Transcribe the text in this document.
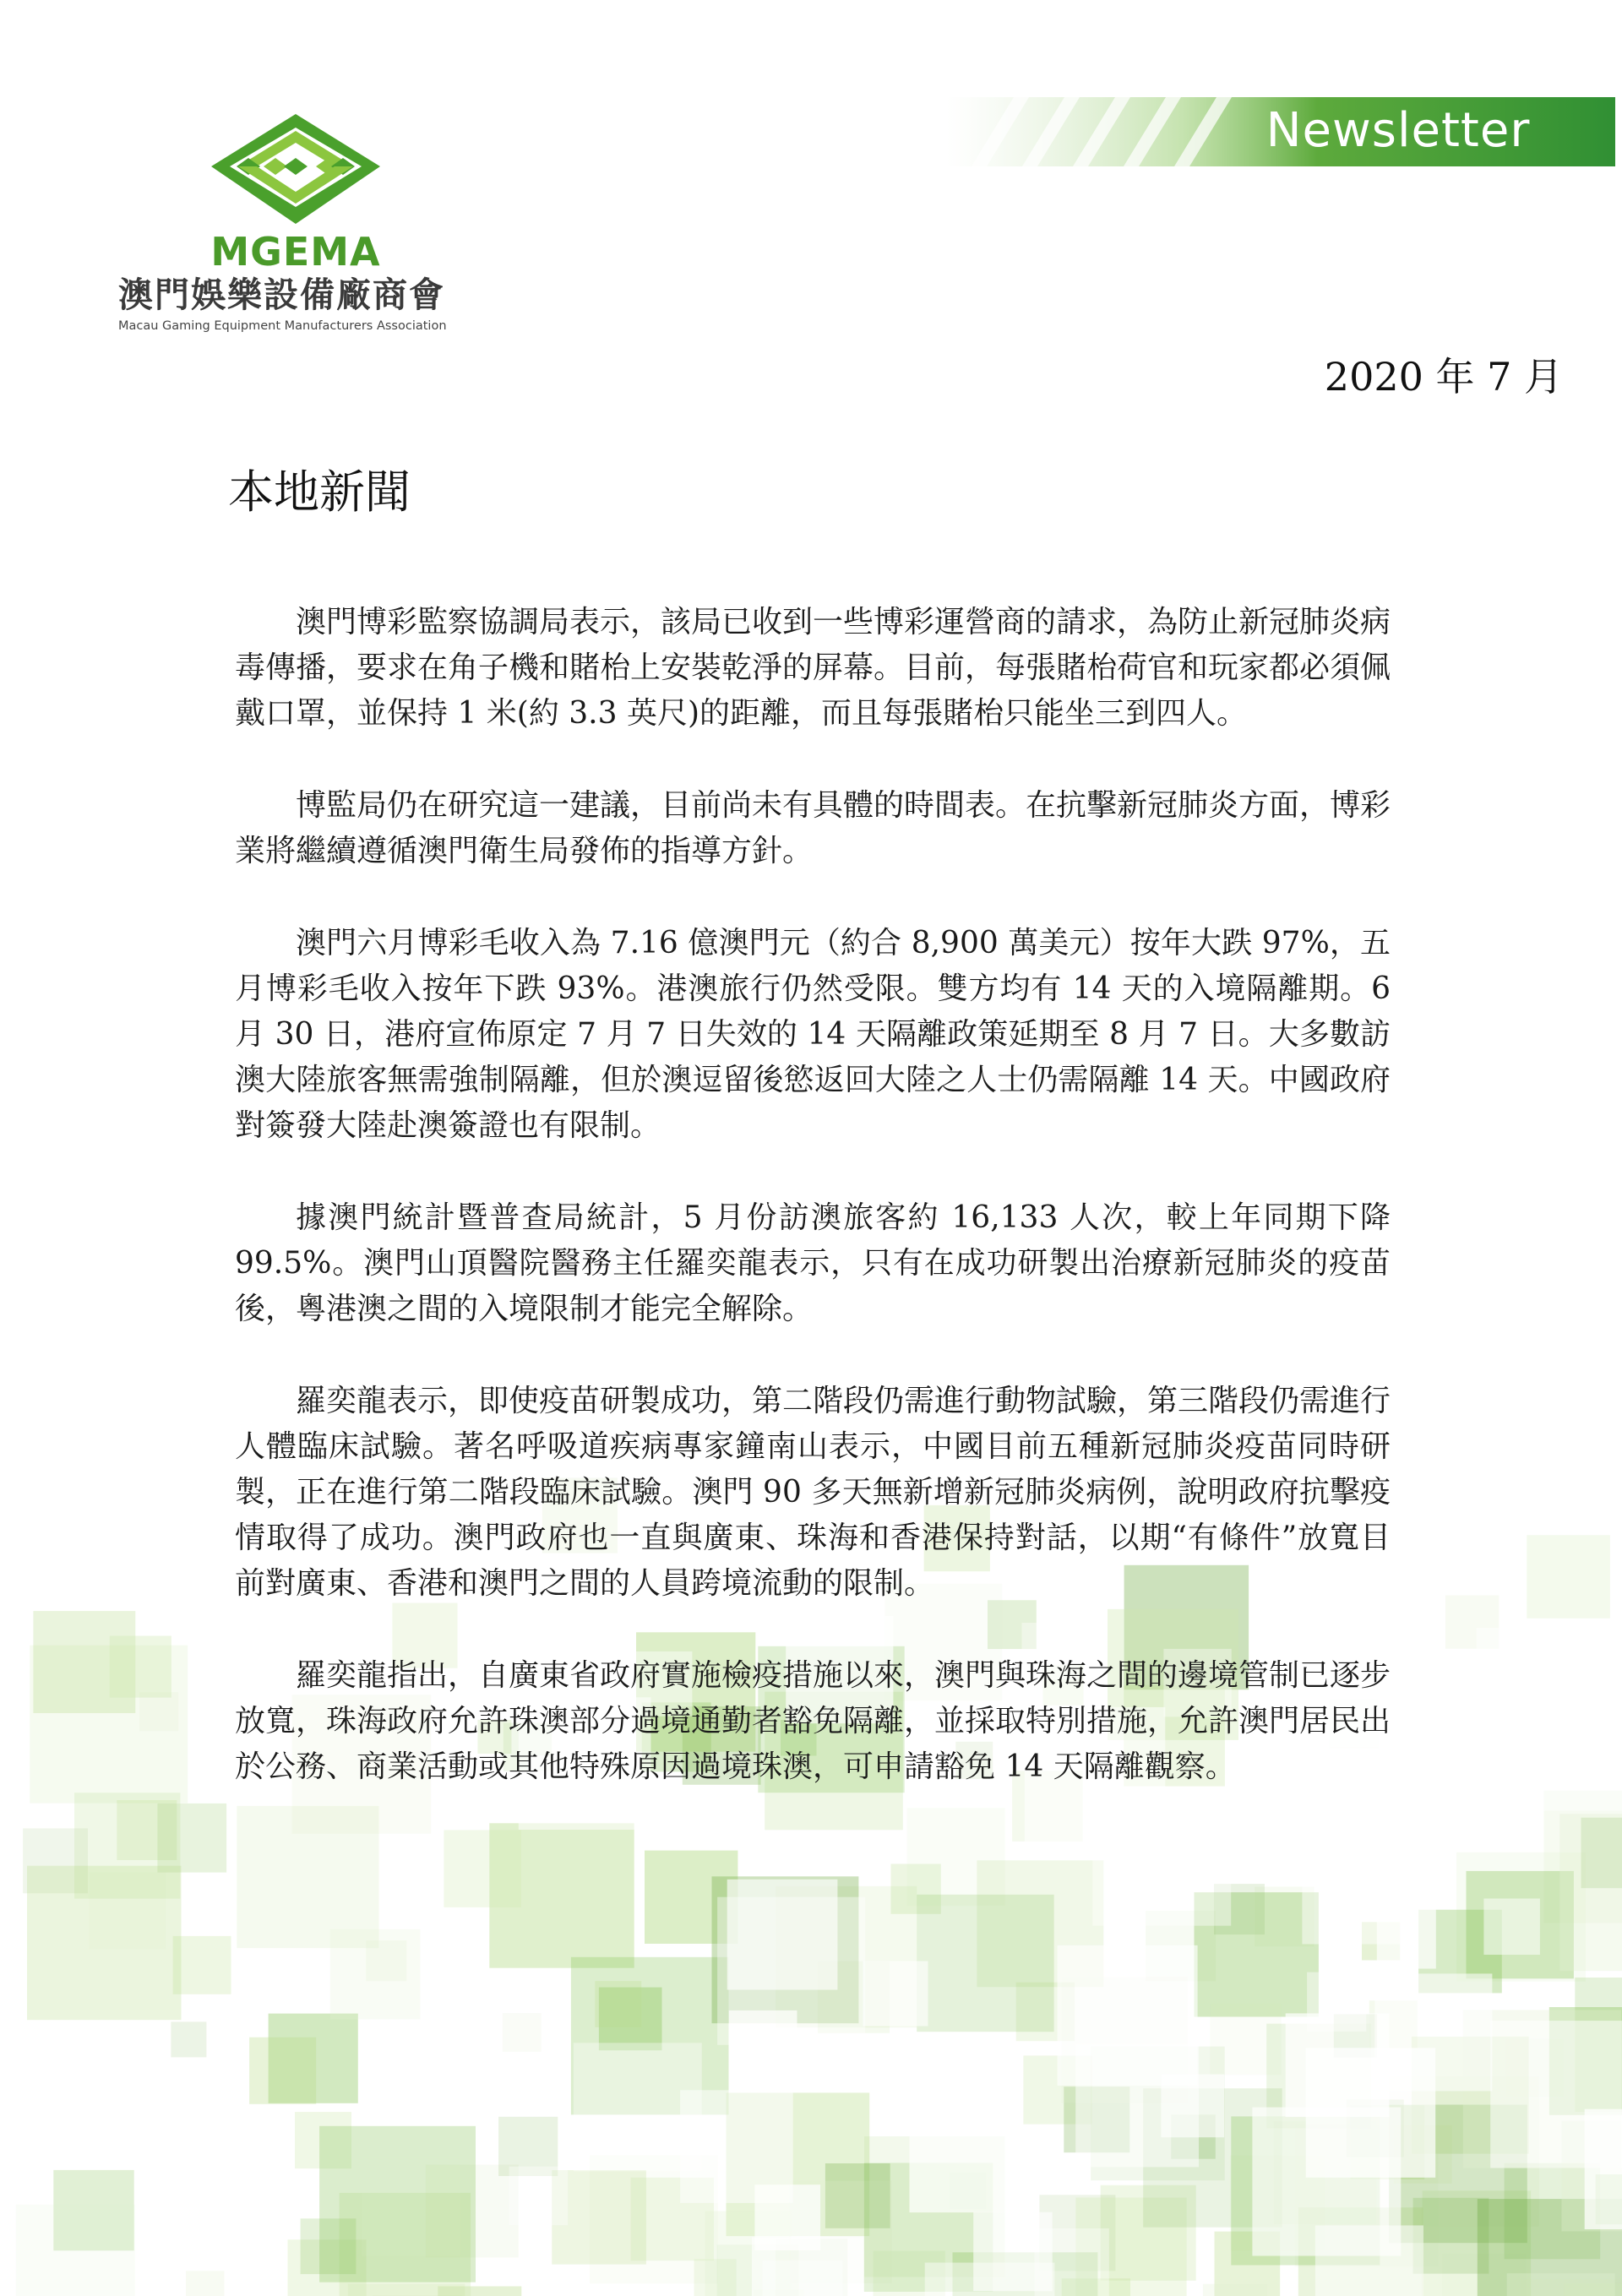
Newsletter
MGEMA
澳門娛樂設備廠商會
Macau Gaming Equipment Manufacturers Association
2020 年 7 月
本地新聞

澳門博彩監察協調局表示，該局已收到一些博彩運營商的請求，為防止新冠肺炎病毒傳播，要求在角子機和賭枱上安裝乾淨的屏幕。目前，每張賭枱荷官和玩家都必須佩戴口罩，並保持 1 米(約 3.3 英尺)的距離，而且每張賭枱只能坐三到四人。

博監局仍在研究這一建議，目前尚未有具體的時間表。在抗擊新冠肺炎方面，博彩業將繼續遵循澳門衛生局發佈的指導方針。

澳門六月博彩毛收入為 7.16 億澳門元（約合 8,900 萬美元）按年大跌 97%，五月博彩毛收入按年下跌 93%。港澳旅行仍然受限。雙方均有 14 天的入境隔離期。6 月 30 日，港府宣佈原定 7 月 7 日失效的 14 天隔離政策延期至 8 月 7 日。大多數訪澳大陸旅客無需強制隔離，但於澳逗留後慾返回大陸之人士仍需隔離 14 天。中國政府對簽發大陸赴澳簽證也有限制。

據澳門統計暨普查局統計，5 月份訪澳旅客約 16,133 人次，較上年同期下降 99.5%。澳門山頂醫院醫務主任羅奕龍表示，只有在成功研製出治療新冠肺炎的疫苗後，粵港澳之間的入境限制才能完全解除。

羅奕龍表示，即使疫苗研製成功，第二階段仍需進行動物試驗，第三階段仍需進行人體臨床試驗。著名呼吸道疾病專家鐘南山表示，中國目前五種新冠肺炎疫苗同時研製，正在進行第二階段臨床試驗。澳門 90 多天無新增新冠肺炎病例，說明政府抗擊疫情取得了成功。澳門政府也一直與廣東、珠海和香港保持對話，以期“有條件”放寬目前對廣東、香港和澳門之間的人員跨境流動的限制。

羅奕龍指出，自廣東省政府實施檢疫措施以來，澳門與珠海之間的邊境管制已逐步放寬，珠海政府允許珠澳部分過境通勤者豁免隔離，並採取特別措施，允許澳門居民出於公務、商業活動或其他特殊原因過境珠澳，可申請豁免 14 天隔離觀察。
